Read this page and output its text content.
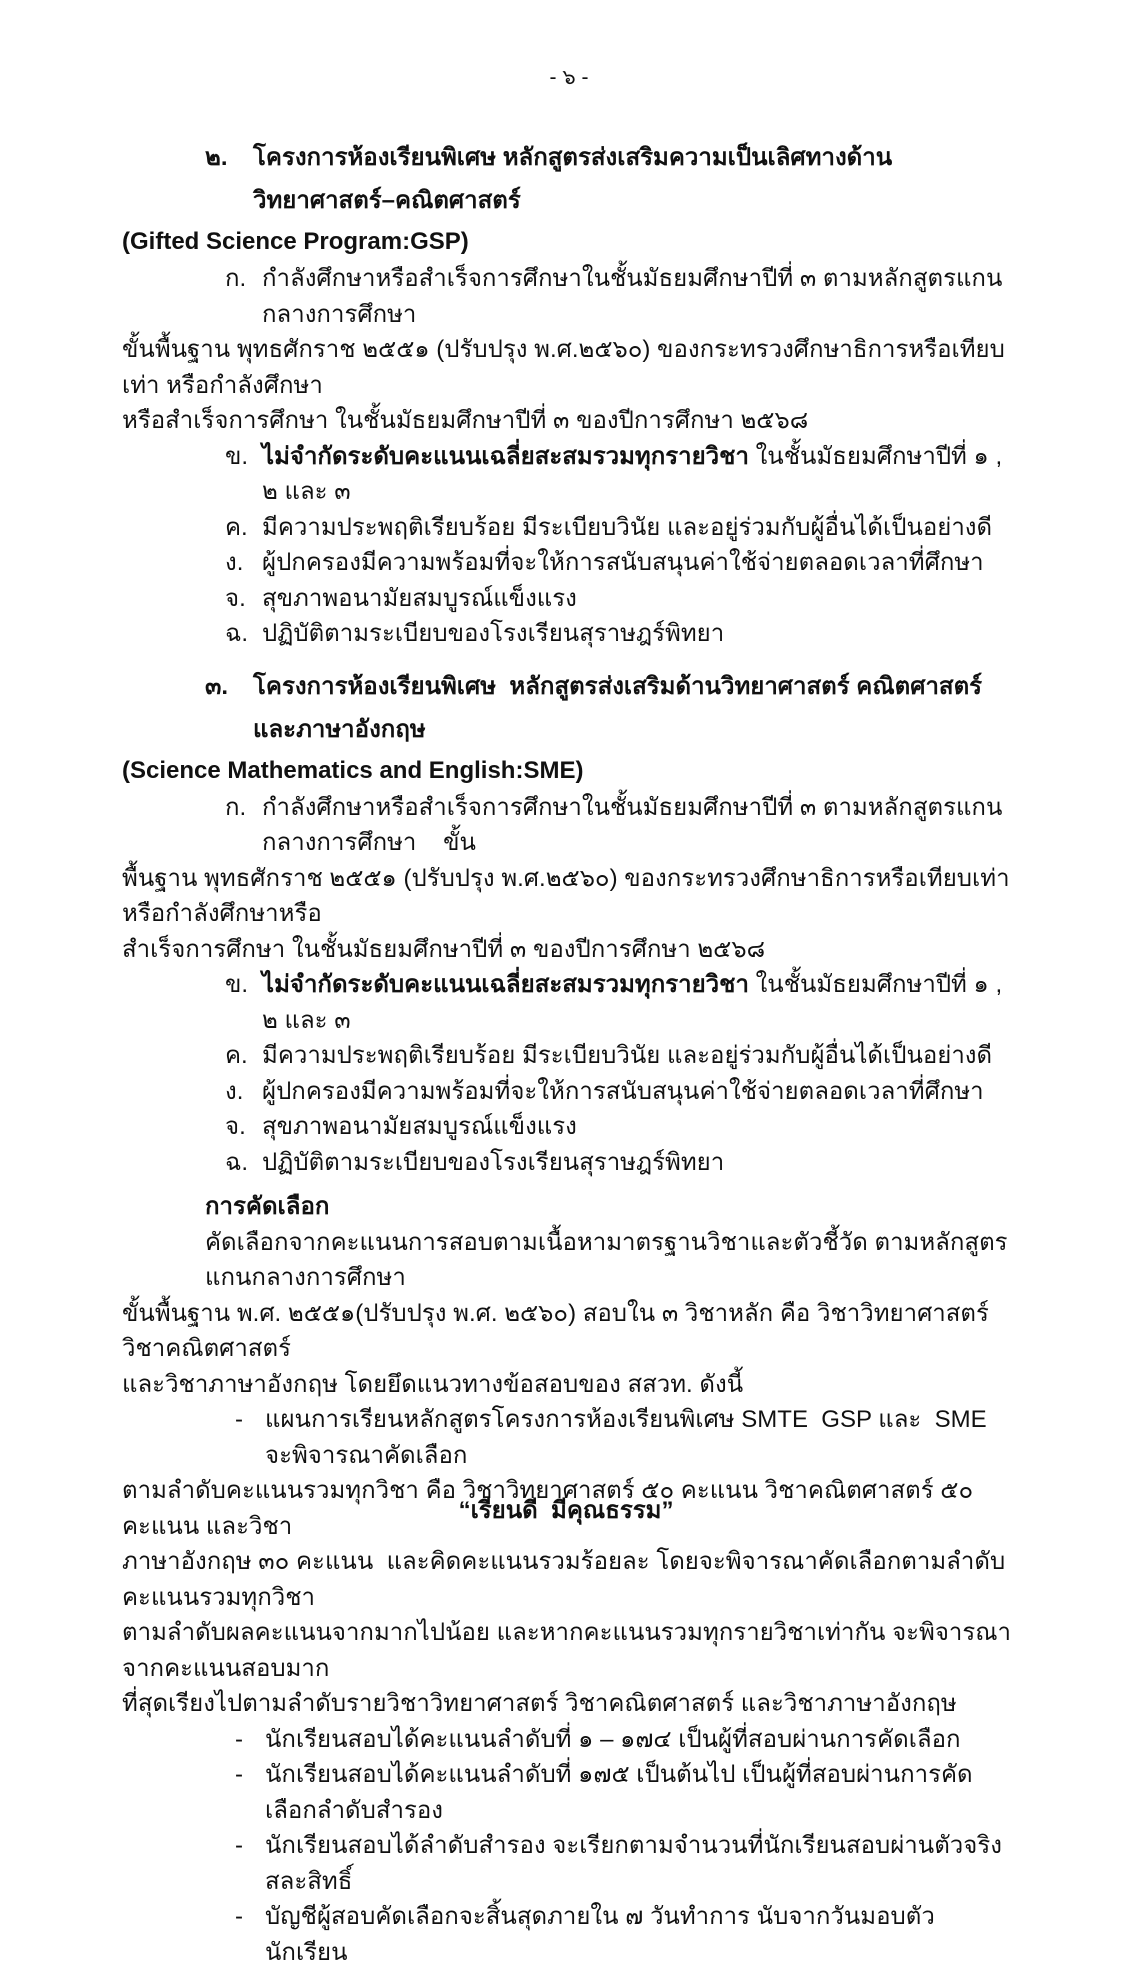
- ๖ -
๒.	โครงการห้องเรียนพิเศษ หลักสูตรส่งเสริมความเป็นเลิศทางด้านวิทยาศาสตร์–คณิตศาสตร์
(Gifted Science Program:GSP)
ก. กำลังศึกษาหรือสำเร็จการศึกษาในชั้นมัธยมศึกษาปีที่ ๓ ตามหลักสูตรแกนกลางการศึกษา
ขั้นพื้นฐาน พุทธศักราช ๒๕๕๑ (ปรับปรุง พ.ศ.๒๕๖๐) ของกระทรวงศึกษาธิการหรือเทียบเท่า หรือกำลังศึกษา
หรือสำเร็จการศึกษา ในชั้นมัธยมศึกษาปีที่ ๓ ของปีการศึกษา ๒๕๖๘
ข. ไม่จำกัดระดับคะแนนเฉลี่ยสะสมรวมทุกรายวิชา ในชั้นมัธยมศึกษาปีที่ ๑ , ๒ และ ๓
ค. มีความประพฤติเรียบร้อย มีระเบียบวินัย และอยู่ร่วมกับผู้อื่นได้เป็นอย่างดี
ง. ผู้ปกครองมีความพร้อมที่จะให้การสนับสนุนค่าใช้จ่ายตลอดเวลาที่ศึกษา
จ. สุขภาพอนามัยสมบูรณ์แข็งแรง
ฉ. ปฏิบัติตามระเบียบของโรงเรียนสุราษฎร์พิทยา
๓.	โครงการห้องเรียนพิเศษ  หลักสูตรส่งเสริมด้านวิทยาศาสตร์ คณิตศาสตร์และภาษาอังกฤษ
(Science Mathematics and English:SME)
ก. กำลังศึกษาหรือสำเร็จการศึกษาในชั้นมัธยมศึกษาปีที่ ๓ ตามหลักสูตรแกนกลางการศึกษา    ขั้น
พื้นฐาน พุทธศักราช ๒๕๕๑ (ปรับปรุง พ.ศ.๒๕๖๐) ของกระทรวงศึกษาธิการหรือเทียบเท่า หรือกำลังศึกษาหรือ
สำเร็จการศึกษา ในชั้นมัธยมศึกษาปีที่ ๓ ของปีการศึกษา ๒๕๖๘
ข. ไม่จำกัดระดับคะแนนเฉลี่ยสะสมรวมทุกรายวิชา ในชั้นมัธยมศึกษาปีที่ ๑ , ๒ และ ๓
ค. มีความประพฤติเรียบร้อย มีระเบียบวินัย และอยู่ร่วมกับผู้อื่นได้เป็นอย่างดี
ง. ผู้ปกครองมีความพร้อมที่จะให้การสนับสนุนค่าใช้จ่ายตลอดเวลาที่ศึกษา
จ. สุขภาพอนามัยสมบูรณ์แข็งแรง
ฉ. ปฏิบัติตามระเบียบของโรงเรียนสุราษฎร์พิทยา
การคัดเลือก
คัดเลือกจากคะแนนการสอบตามเนื้อหามาตรฐานวิชาและตัวชี้วัด ตามหลักสูตรแกนกลางการศึกษา
ขั้นพื้นฐาน พ.ศ. ๒๕๕๑(ปรับปรุง พ.ศ. ๒๕๖๐) สอบใน ๓ วิชาหลัก คือ วิชาวิทยาศาสตร์ วิชาคณิตศาสตร์
และวิชาภาษาอังกฤษ โดยยึดแนวทางข้อสอบของ สสวท. ดังนี้
- แผนการเรียนหลักสูตรโครงการห้องเรียนพิเศษ SMTE  GSP และ  SME จะพิจารณาคัดเลือก
ตามลำดับคะแนนรวมทุกวิชา คือ วิชาวิทยาศาสตร์ ๕๐ คะแนน วิชาคณิตศาสตร์ ๕๐ คะแนน และวิชา
ภาษาอังกฤษ ๓๐ คะแนน  และคิดคะแนนรวมร้อยละ โดยจะพิจารณาคัดเลือกตามลำดับคะแนนรวมทุกวิชา
ตามลำดับผลคะแนนจากมากไปน้อย และหากคะแนนรวมทุกรายวิชาเท่ากัน จะพิจารณาจากคะแนนสอบมาก
ที่สุดเรียงไปตามลำดับรายวิชาวิทยาศาสตร์ วิชาคณิตศาสตร์ และวิชาภาษาอังกฤษ
- นักเรียนสอบได้คะแนนลำดับที่ ๑ – ๑๗๔ เป็นผู้ที่สอบผ่านการคัดเลือก
- นักเรียนสอบได้คะแนนลำดับที่ ๑๗๕ เป็นต้นไป เป็นผู้ที่สอบผ่านการคัดเลือกลำดับสำรอง
- นักเรียนสอบได้ลำดับสำรอง จะเรียกตามจำนวนที่นักเรียนสอบผ่านตัวจริงสละสิทธิ์
- บัญชีผู้สอบคัดเลือกจะสิ้นสุดภายใน ๗ วันทำการ นับจากวันมอบตัวนักเรียน
“เรียนดี  มีคุณธรรม”
